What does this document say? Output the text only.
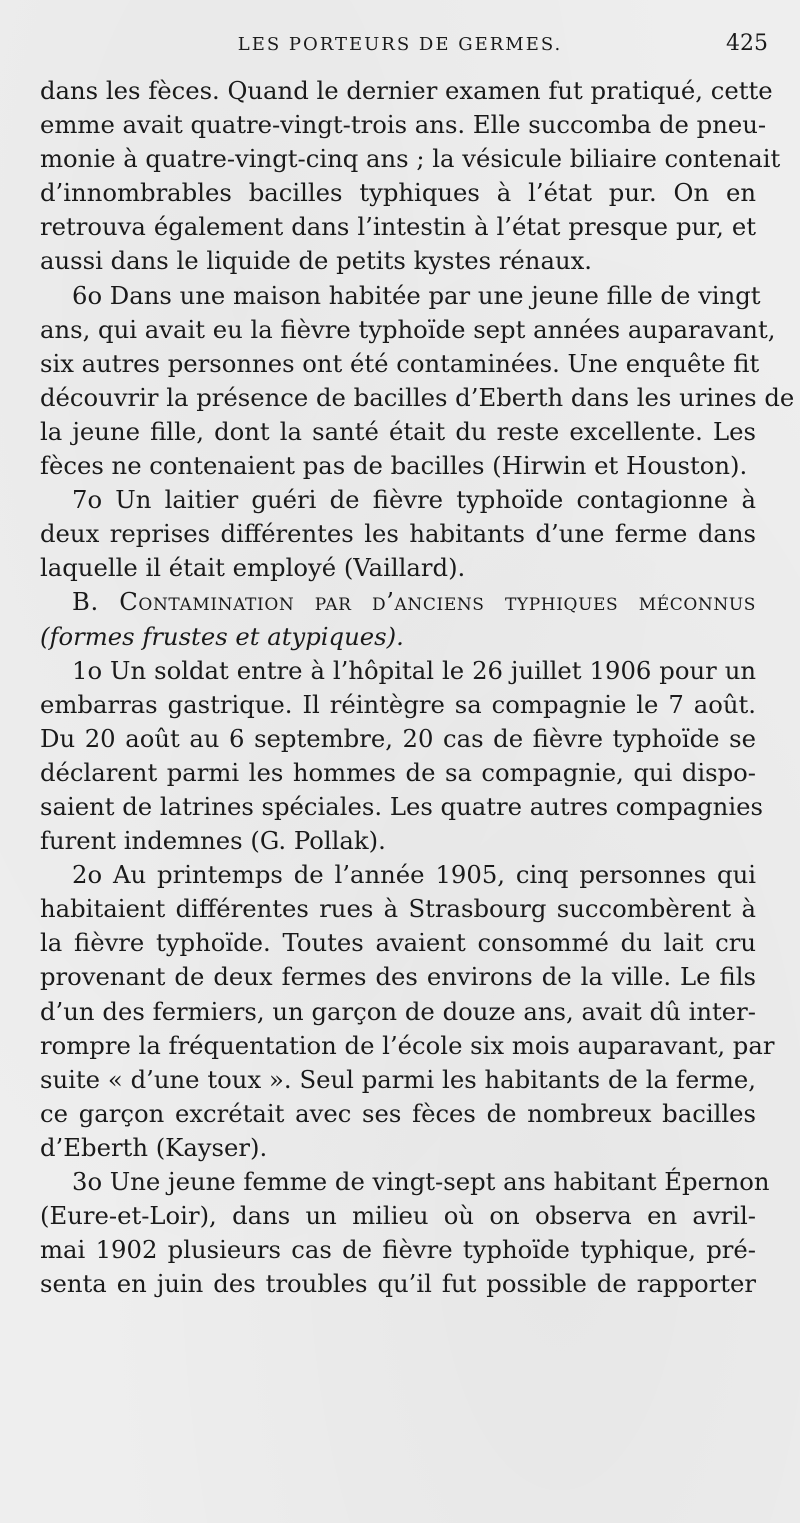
LES PORTEURS DE GERMES.	425
dans les fèces. Quand le dernier examen fut pratiqué, cette
emme avait quatre-vingt-trois ans. Elle succomba de pneu-
monie à quatre-vingt-cinq ans ; la vésicule biliaire contenait
d’innombrables bacilles typhiques à l’état pur. On en
retrouva également dans l’intestin à l’état presque pur, et
aussi dans le liquide de petits kystes rénaux.
6o Dans une maison habitée par une jeune fille de vingt
ans, qui avait eu la fièvre typhoïde sept années auparavant,
six autres personnes ont été contaminées. Une enquête fit
découvrir la présence de bacilles d’Eberth dans les urines de
la jeune fille, dont la santé était du reste excellente. Les
fèces ne contenaient pas de bacilles (Hirwin et Houston).
7o Un laitier guéri de fièvre typhoïde contagionne à
deux reprises différentes les habitants d’une ferme dans
laquelle il était employé (Vaillard).
B. Contamination par d’anciens typhiques méconnus
(formes frustes et atypiques).
1o Un soldat entre à l’hôpital le 26 juillet 1906 pour un
embarras gastrique. Il réintègre sa compagnie le 7 août.
Du 20 août au 6 septembre, 20 cas de fièvre typhoïde se
déclarent parmi les hommes de sa compagnie, qui dispo-
saient de latrines spéciales. Les quatre autres compagnies
furent indemnes (G. Pollak).
2o Au printemps de l’année 1905, cinq personnes qui
habitaient différentes rues à Strasbourg succombèrent à
la fièvre typhoïde. Toutes avaient consommé du lait cru
provenant de deux fermes des environs de la ville. Le fils
d’un des fermiers, un garçon de douze ans, avait dû inter-
rompre la fréquentation de l’école six mois auparavant, par
suite « d’une toux ». Seul parmi les habitants de la ferme,
ce garçon excrétait avec ses fèces de nombreux bacilles
d’Eberth (Kayser).
3o Une jeune femme de vingt-sept ans habitant Épernon
(Eure-et-Loir), dans un milieu où on observa en avril-
mai 1902 plusieurs cas de fièvre typhoïde typhique, pré-
senta en juin des troubles qu’il fut possible de rapporter
